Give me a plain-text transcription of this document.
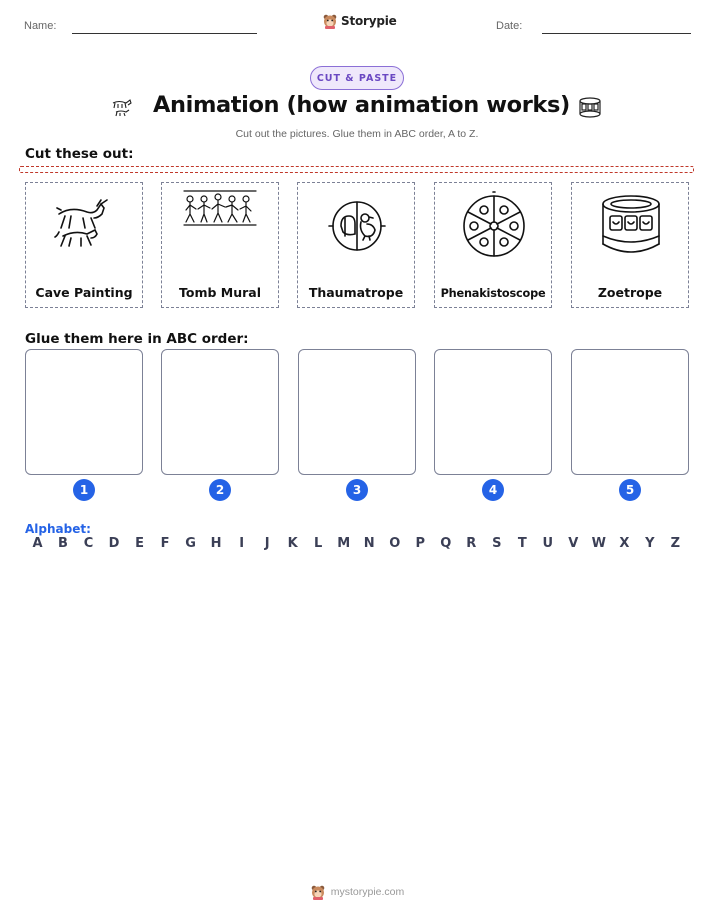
Name:	Storypie	Date:
CUT & PASTE
Animation (how animation works)
Cut out the pictures. Glue them in ABC order, A to Z.
Cut these out:
Cave Painting	Tomb Mural	Thaumatrope	Phenakistoscope	Zoetrope
Glue them here in ABC order:
1	2	3	4	5
Alphabet:
A	B	C	D	E	F	G	H	I	J	K	L	M	N	O	P	Q	R	S	T	U	V	W	X	Y	Z
mystorypie.com
